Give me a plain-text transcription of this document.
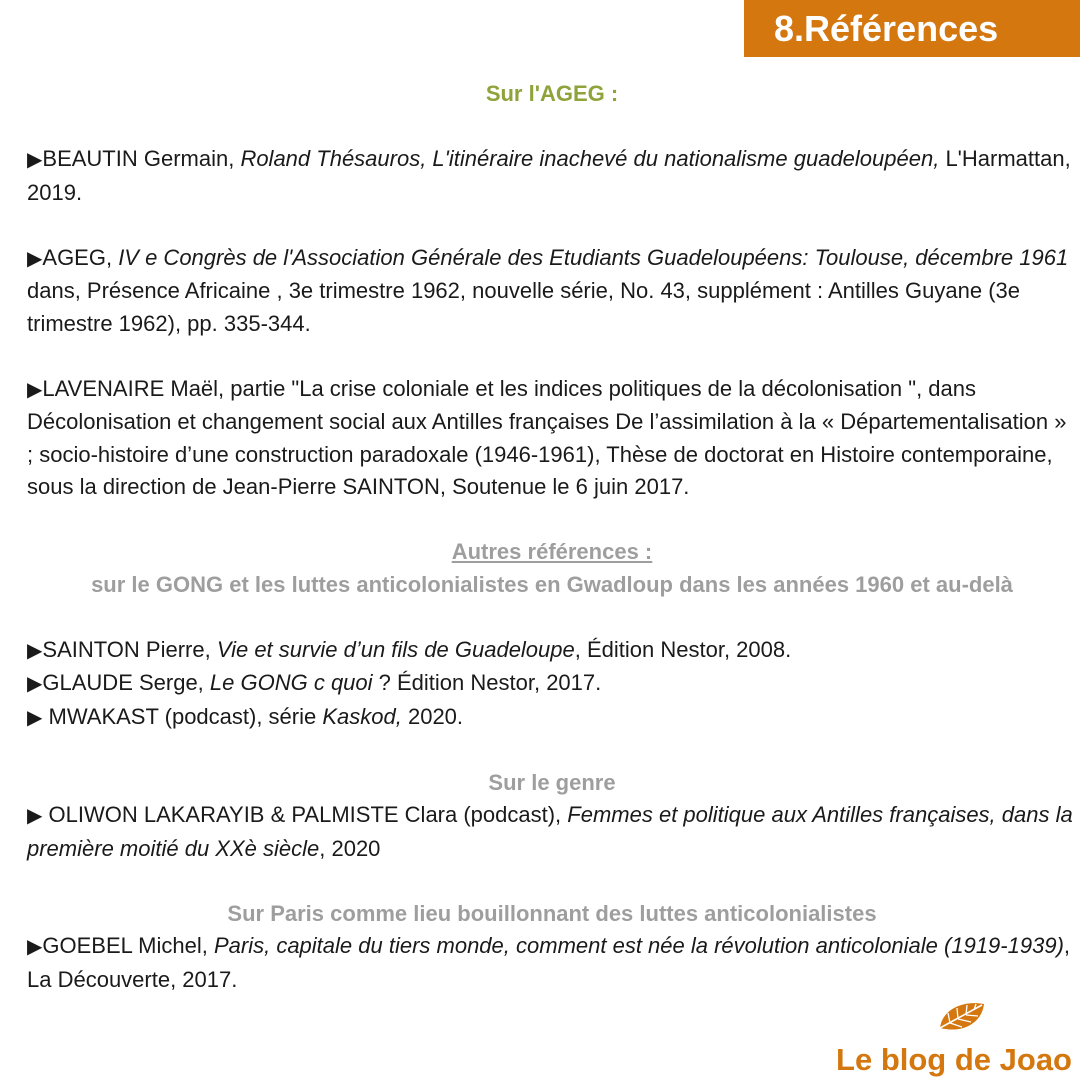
8.Références
Sur l'AGEG :
▶BEAUTIN Germain, Roland Thésauros, L'itinéraire inachevé du nationalisme guadeloupéen, L'Harmattan, 2019.
▶AGEG, IV e Congrès de l'Association Générale des Etudiants Guadeloupéens: Toulouse, décembre 1961 dans, Présence Africaine , 3e trimestre 1962, nouvelle série, No. 43, supplément : Antilles Guyane (3e trimestre 1962), pp. 335-344.
▶LAVENAIRE Maël, partie "La crise coloniale et les indices politiques de la décolonisation ", dans Décolonisation et changement social aux Antilles françaises De l’assimilation à la « Départementalisation » ; socio-histoire d’une construction paradoxale (1946-1961), Thèse de doctorat en Histoire contemporaine, sous la direction de Jean-Pierre SAINTON, Soutenue le 6 juin 2017.
Autres références :
sur le GONG et les luttes anticolonialistes en Gwadloup dans les années 1960 et au-delà
▶SAINTON Pierre, Vie et survie d’un fils de Guadeloupe, Édition Nestor, 2008.
▶GLAUDE Serge, Le GONG c quoi ? Édition Nestor, 2017.
▶ MWAKAST (podcast), série Kaskod, 2020.
Sur le genre
▶ OLIWON LAKARAYIB & PALMISTE Clara (podcast), Femmes et politique aux Antilles françaises, dans la première moitié du XXè siècle, 2020
Sur Paris comme lieu bouillonnant des luttes anticolonialistes
▶GOEBEL Michel, Paris, capitale du tiers monde, comment est née la révolution anticoloniale (1919-1939), La Découverte, 2017.
Le blog de Joao
